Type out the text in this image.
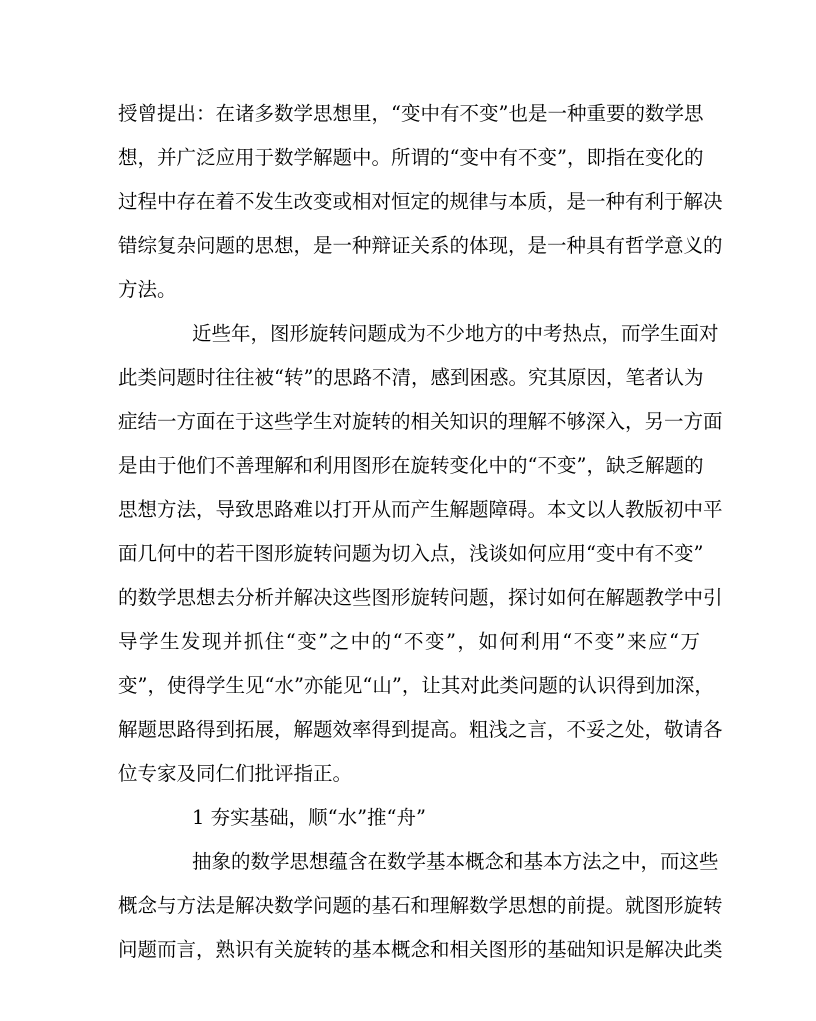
授曾提出：在诸多数学思想里，“变中有不变”也是一种重要的数学思
想，并广泛应用于数学解题中。所谓的“变中有不变”，即指在变化的
过程中存在着不发生改变或相对恒定的规律与本质，是一种有利于解决
错综复杂问题的思想，是一种辩证关系的体现，是一种具有哲学意义的
方法。
近些年，图形旋转问题成为不少地方的中考热点，而学生面对
此类问题时往往被“转”的思路不清，感到困惑。究其原因，笔者认为
症结一方面在于这些学生对旋转的相关知识的理解不够深入，另一方面
是由于他们不善理解和利用图形在旋转变化中的“不变”，缺乏解题的
思想方法，导致思路难以打开从而产生解题障碍。本文以人教版初中平
面几何中的若干图形旋转问题为切入点，浅谈如何应用“变中有不变”
的数学思想去分析并解决这些图形旋转问题，探讨如何在解题教学中引
导学生发现并抓住“变”之中的“不变”，如何利用“不变”来应“万
变”，使得学生见“水”亦能见“山”，让其对此类问题的认识得到加深，
解题思路得到拓展，解题效率得到提高。粗浅之言，不妥之处，敬请各
位专家及同仁们批评指正。
1 夯实基础，顺“水”推“舟”
抽象的数学思想蕴含在数学基本概念和基本方法之中，而这些
概念与方法是解决数学问题的基石和理解数学思想的前提。就图形旋转
问题而言，熟识有关旋转的基本概念和相关图形的基础知识是解决此类
